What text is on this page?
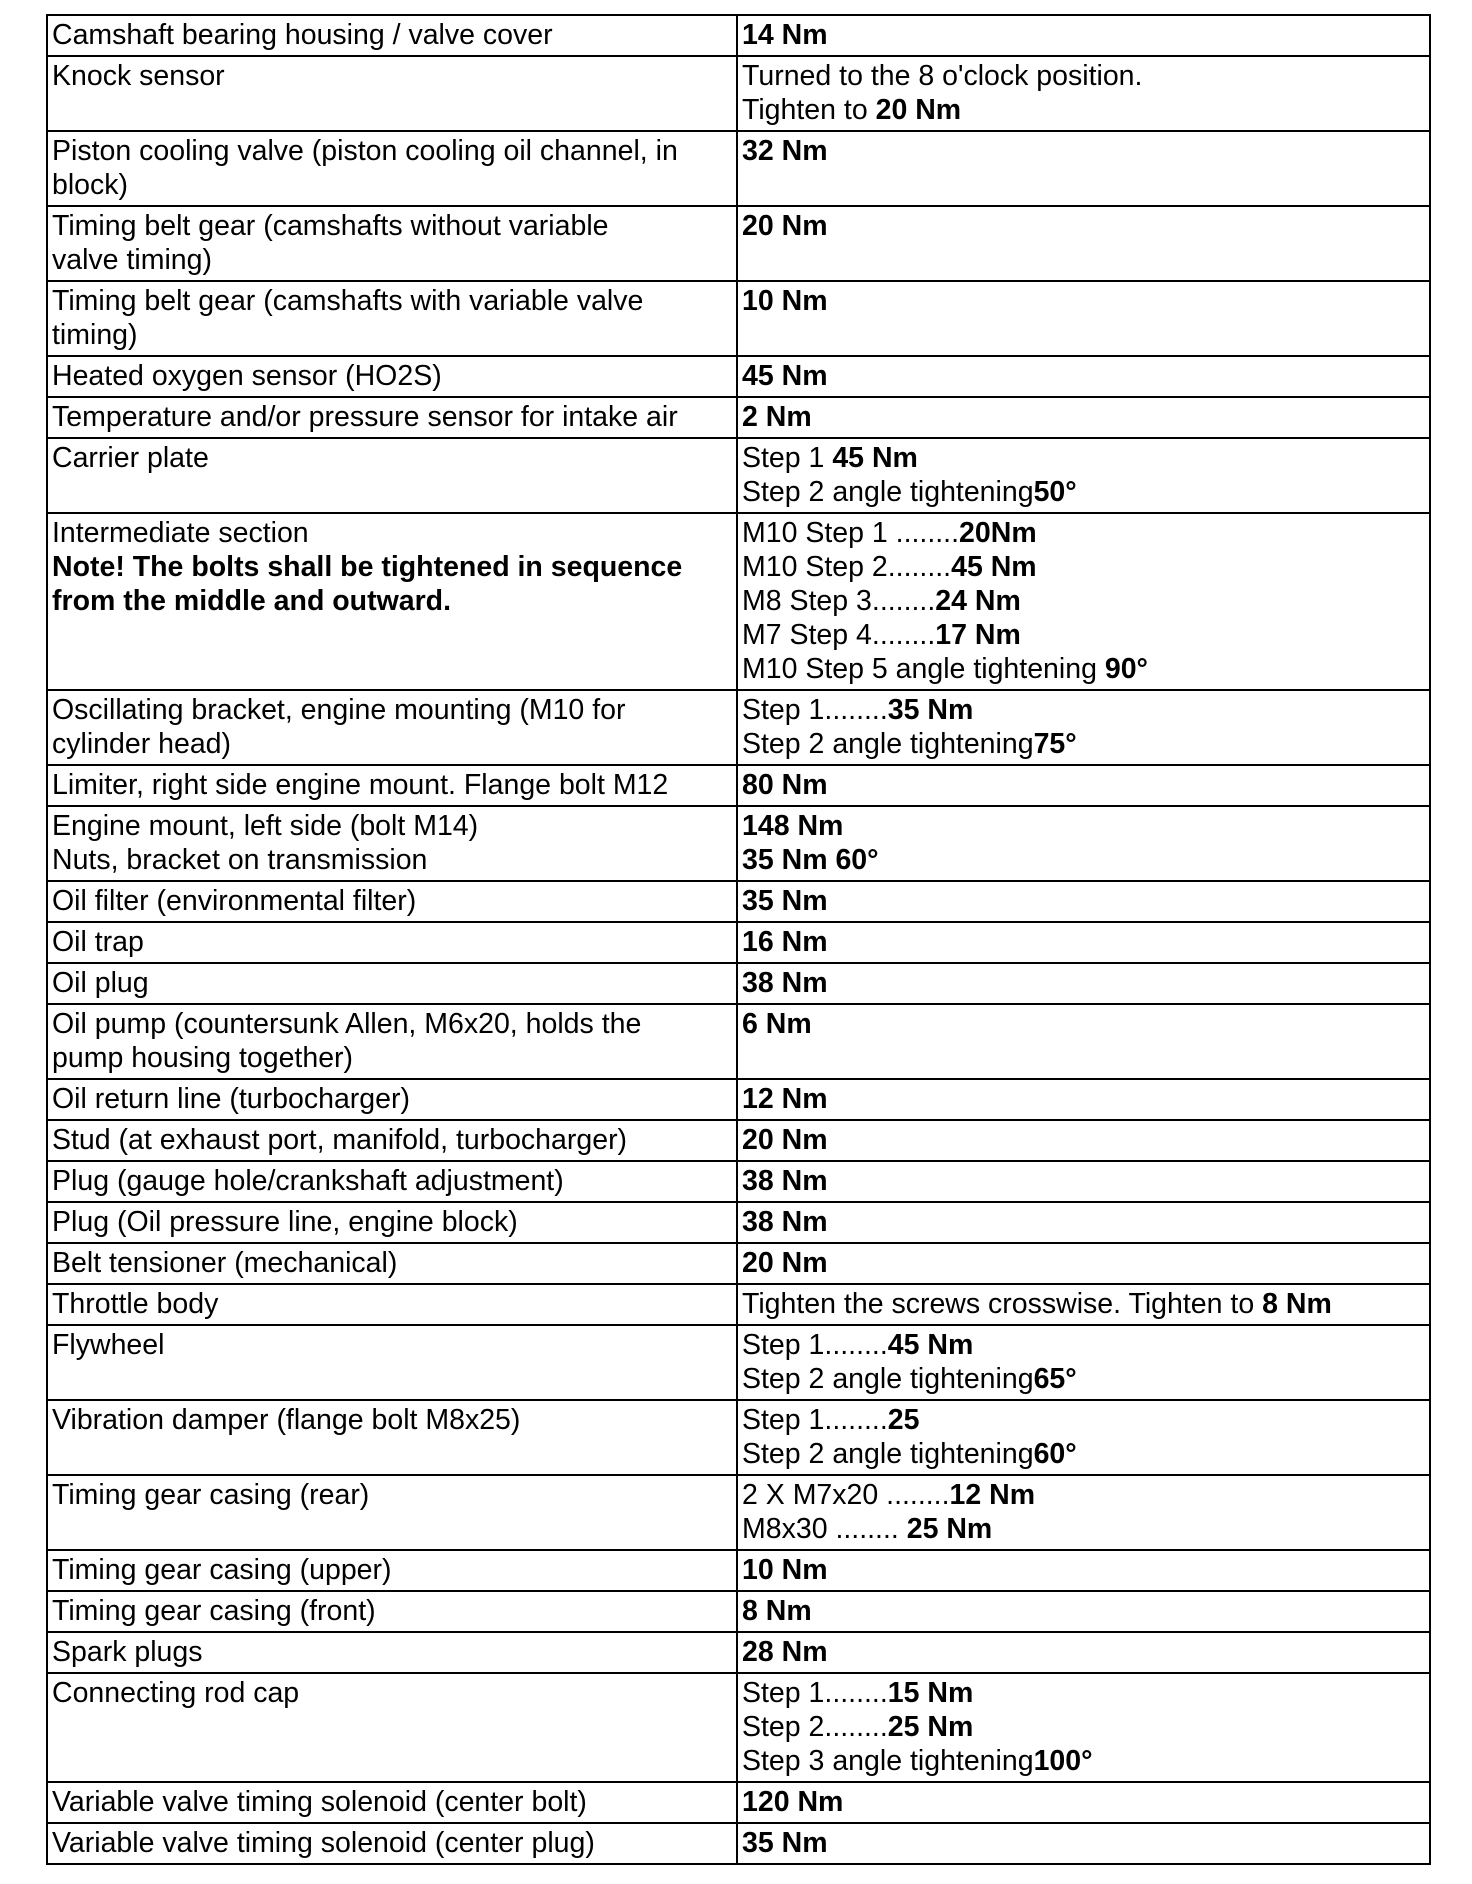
Camshaft bearing housing / valve cover	14 Nm

Knock sensor	Turned to the 8 o'clock position.
Tighten to 20 Nm

Piston cooling valve (piston cooling oil channel, in
block)	32 Nm

Timing belt gear (camshafts without variable
valve timing)	20 Nm

Timing belt gear (camshafts with variable valve
timing)	10 Nm

Heated oxygen sensor (HO2S)	45 Nm

Temperature and/or pressure sensor for intake air	2 Nm

Carrier plate	Step 1 45 Nm
Step 2 angle tightening50°

Intermediate section
Note! The bolts shall be tightened in sequence
from the middle and outward.	M10 Step 1 ........20Nm
M10 Step 2........45 Nm
M8 Step 3........24 Nm
M7 Step 4........17 Nm
M10 Step 5 angle tightening 90°

Oscillating bracket, engine mounting (M10 for
cylinder head)	Step 1........35 Nm
Step 2 angle tightening75°

Limiter, right side engine mount. Flange bolt M12	80 Nm

Engine mount, left side (bolt M14)
Nuts, bracket on transmission	148 Nm
35 Nm 60°

Oil filter (environmental filter)	35 Nm

Oil trap	16 Nm

Oil plug	38 Nm

Oil pump (countersunk Allen, M6x20, holds the
pump housing together)	6 Nm

Oil return line (turbocharger)	12 Nm

Stud (at exhaust port, manifold, turbocharger)	20 Nm

Plug (gauge hole/crankshaft adjustment)	38 Nm

Plug (Oil pressure line, engine block)	38 Nm

Belt tensioner (mechanical)	20 Nm

Throttle body	Tighten the screws crosswise. Tighten to 8 Nm

Flywheel	Step 1........45 Nm
Step 2 angle tightening65°

Vibration damper (flange bolt M8x25)	Step 1........25
Step 2 angle tightening60°

Timing gear casing (rear)	2 X M7x20 ........12 Nm
M8x30 ........ 25 Nm

Timing gear casing (upper)	10 Nm

Timing gear casing (front)	8 Nm

Spark plugs	28 Nm

Connecting rod cap	Step 1........15 Nm
Step 2........25 Nm
Step 3 angle tightening100°

Variable valve timing solenoid (center bolt)	120 Nm

Variable valve timing solenoid (center plug)	35 Nm
